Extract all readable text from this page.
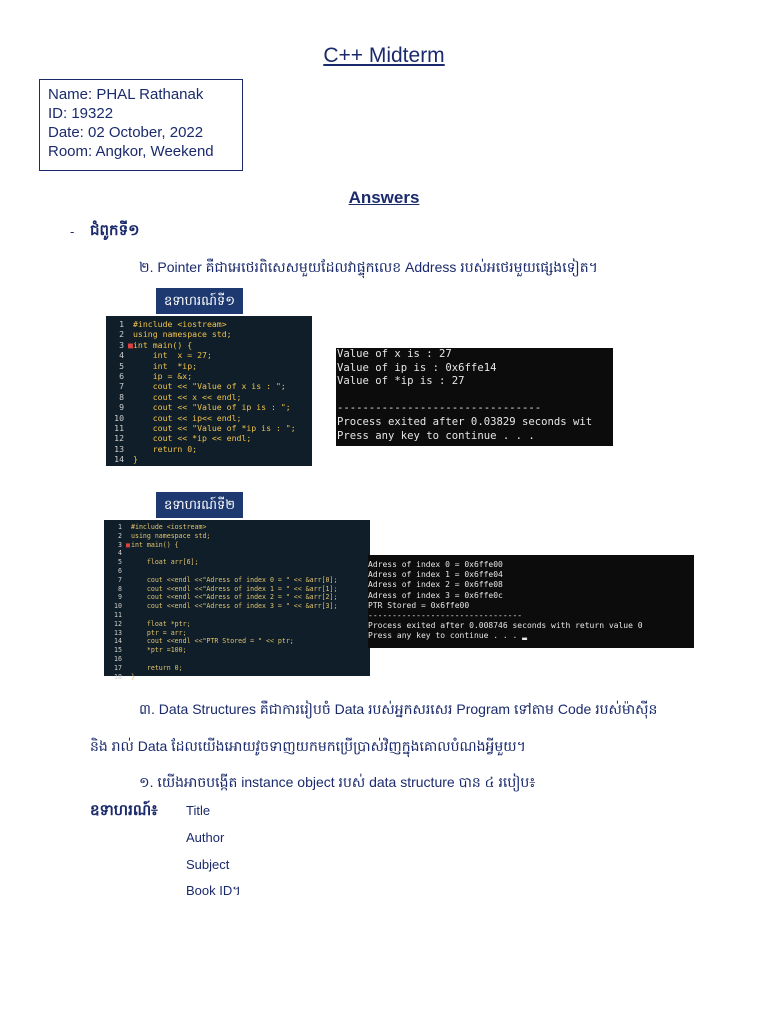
C++ Midterm
Name: PHAL Rathanak
ID: 19322
Date: 02 October, 2022
Room: Angkor, Weekend
Answers
- ជំពូកទី១
២. Pointer គឺជាអេថេរពិសេសមួយដែលវាផ្ទុកលេខ Address របស់អថេរមួយផ្សេងទៀត។
ឧទាហរណ៍ទី១
1	#include <iostream>
2	using namespace std;
3 ■ int main() {
4	int  x = 27;
5	int  *ip;
6	ip = &x;
7	cout << "Value of x is : ";
8	cout << x << endl;
9	cout << "Value of ip is : ";
10	cout << ip<< endl;
11	cout << "Value of *ip is : ";
12	cout << *ip << endl;
13	return 0;
14	}
Value of x is : 27
Value of ip is : 0x6ffe14
Value of *ip is : 27

--------------------------------
Process exited after 0.03829 seconds wit
Press any key to continue . . .
ឧទាហរណ៍ទី២
1	#include <iostream>
2	using namespace std;
3 ■ int main() {
4
5	float arr[6];
6
7	cout <<endl <<"Adress of index 0 = " << &arr[0];
8	cout <<endl <<"Adress of index 1 = " << &arr[1];
9	cout <<endl <<"Adress of index 2 = " << &arr[2];
10	cout <<endl <<"Adress of index 3 = " << &arr[3];
11
12	float *ptr;
13	ptr = arr;
14	cout <<endl <<"PTR Stored = " << ptr;
15	*ptr =100;
16
17	return 0;
18	}
Adress of index 0 = 0x6ffe00
Adress of index 1 = 0x6ffe04
Adress of index 2 = 0x6ffe08
Adress of index 3 = 0x6ffe0c
PTR Stored = 0x6ffe00
--------------------------------
Process exited after 0.008746 seconds with return value 0
Press any key to continue . . . ▂
៣. Data Structures គឺជាការរៀបចំ Data របស់អ្នកសរសេរ Program ទៅតាម Code របស់ម៉ាស៊ីន
និង រាល់ Data ដែលយើងអោយវូចទាញយកមកប្រើប្រាស់វិញក្នុងគោលបំណងអ្វីមួយ។
១. យើងអាចបង្កើត instance object របស់ data structure បាន ៤ របៀប៖
ឧទាហរណ៍៖ Title
Author
Subject
Book ID។
